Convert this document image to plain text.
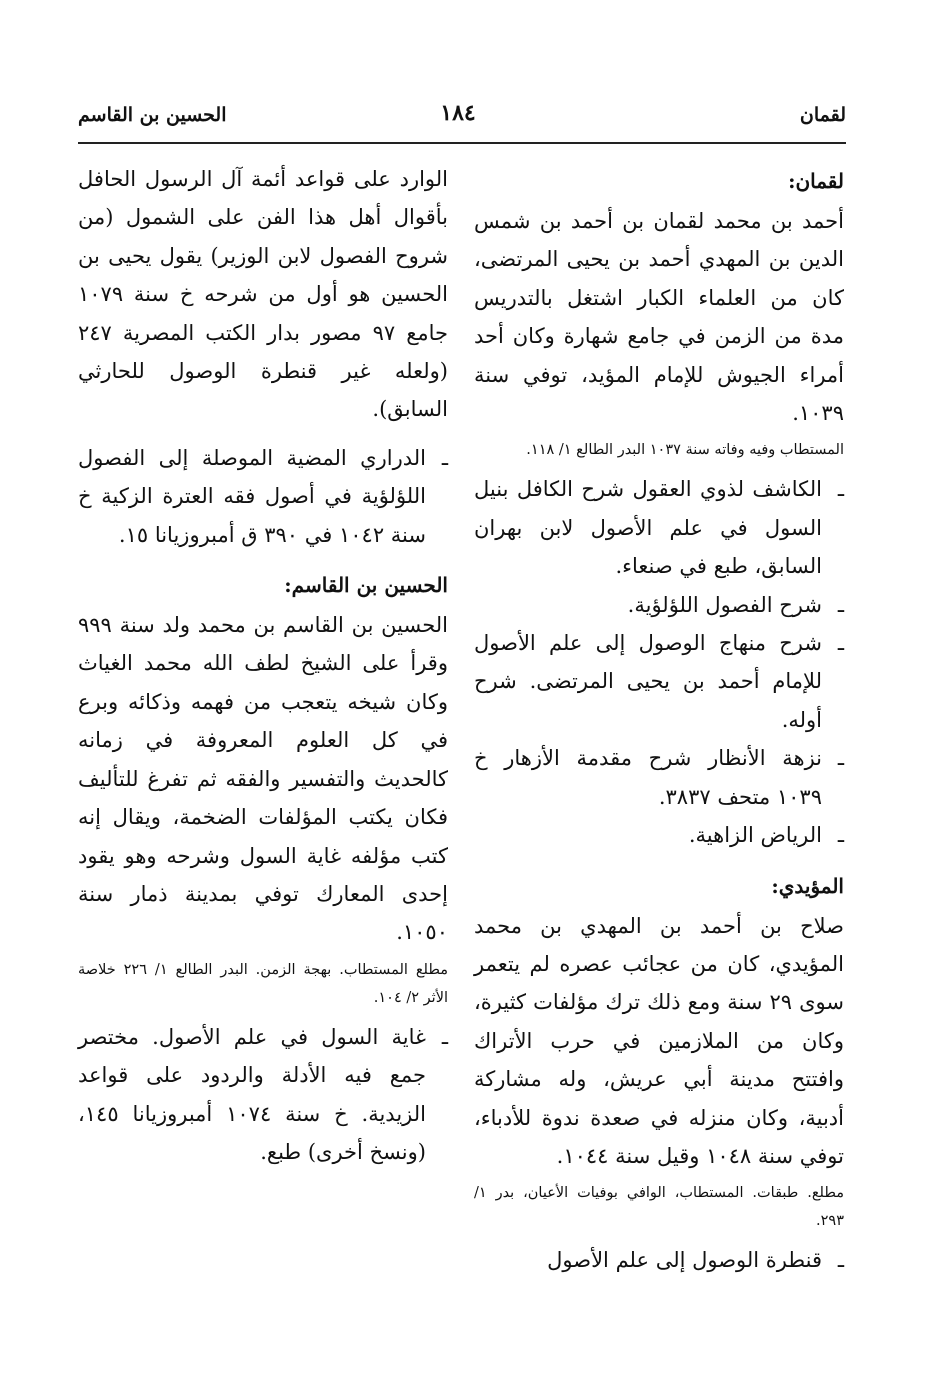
لقمان
١٨٤
الحسين بن القاسم
لقمان:

أحمد بن محمد لقمان بن أحمد بن شمس الدين بن المهدي أحمد بن يحيى المرتضى، كان من العلماء الكبار اشتغل بالتدريس مدة من الزمن في جامع شهارة وكان أحد أمراء الجيوش للإمام المؤيد، توفي سنة ١٠٣٩.

المستطاب وفيه وفاته سنة ١٠٣٧ البدر الطالع ١/ ١١٨.

ـ
الكاشف لذوي العقول شرح الكافل بنيل السول في علم الأصول لابن بهران السابق، طبع في صنعاء.
ـ
شرح الفصول اللؤلؤية.
ـ
شرح منهاج الوصول إلى علم الأصول للإمام أحمد بن يحيى المرتضى. شرح أوله.
ـ
نزهة الأنظار شرح مقدمة الأزهار خ ١٠٣٩ متحف ٣٨٣٧.
ـ
الرياض الزاهية.
المؤيدي:

صلاح بن أحمد بن المهدي بن محمد المؤيدي، كان من عجائب عصره لم يتعمر سوى ٢٩ سنة ومع ذلك ترك مؤلفات كثيرة، وكان من الملازمين في حرب الأتراك وافتتح مدينة أبي عريش، وله مشاركة أدبية، وكان منزله في صعدة ندوة للأدباء، توفي سنة ١٠٤٨ وقيل سنة ١٠٤٤.

مطلع. طبقات. المستطاب، الوافي بوفيات الأعيان، بدر ١/ ٢٩٣.

ـ
قنطرة الوصول إلى علم الأصول

الوارد على قواعد أئمة آل الرسول الحافل بأقوال أهل هذا الفن على الشمول (من شروح الفصول لابن الوزير) يقول يحيى بن الحسين هو أول من شرحه خ سنة ١٠٧٩ جامع ٩٧ مصور بدار الكتب المصرية ٢٤٧ (ولعله غير قنطرة الوصول للحارثي السابق).

ـ
الدراري المضية الموصلة إلى الفصول اللؤلؤية في أصول فقه العترة الزكية خ سنة ١٠٤٢ في ٣٩٠ ق أمبروزيانا ١٥.
الحسين بن القاسم:

الحسين بن القاسم بن محمد ولد سنة ٩٩٩ وقرأ على الشيخ لطف الله محمد الغياث وكان شيخه يتعجب من فهمه وذكائه وبرع في كل العلوم المعروفة في زمانه كالحديث والتفسير والفقه ثم تفرغ للتأليف فكان يكتب المؤلفات الضخمة، ويقال إنه كتب مؤلفه غاية السول وشرحه وهو يقود إحدى المعارك توفي بمدينة ذمار سنة ١٠٥٠.

مطلع المستطاب. بهجة الزمن. البدر الطالع ١/ ٢٢٦ خلاصة الأثر ٢/ ١٠٤.

ـ
غاية السول في علم الأصول. مختصر جمع فيه الأدلة والردود على قواعد الزيدية. خ سنة ١٠٧٤ أمبروزيانا ١٤٥، (ونسخ أخرى) طبع.
